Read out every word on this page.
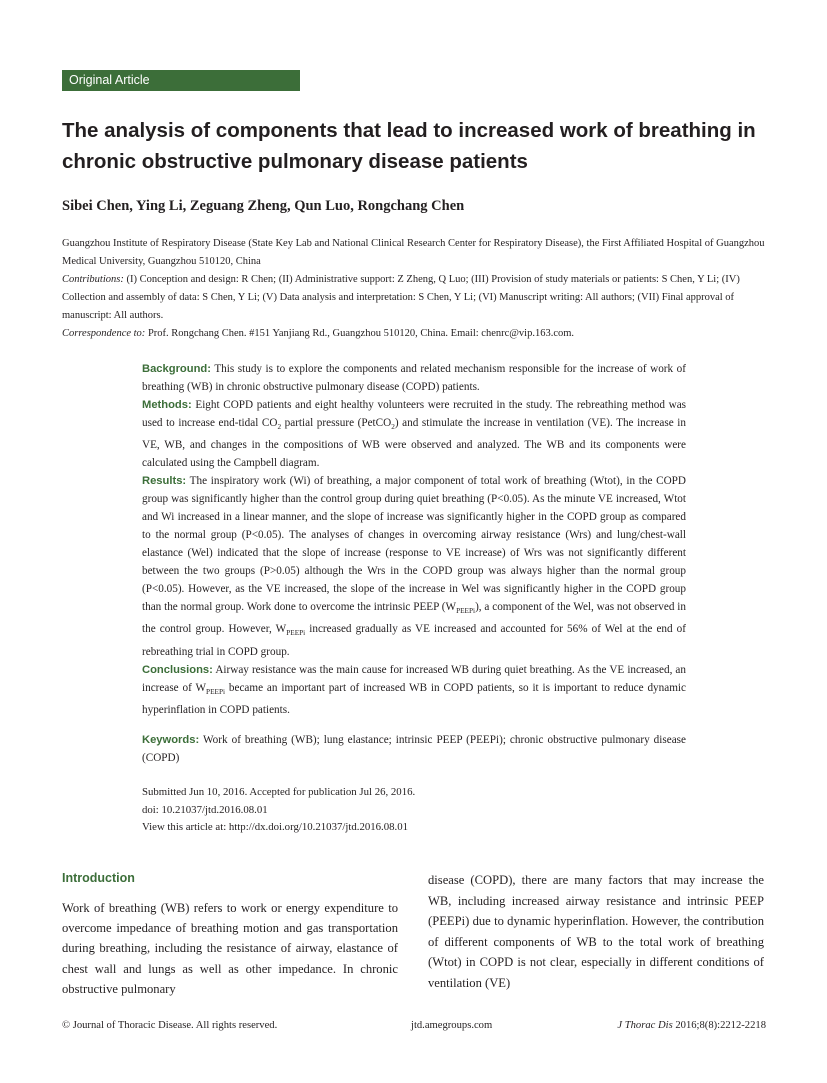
Original Article
The analysis of components that lead to increased work of breathing in chronic obstructive pulmonary disease patients
Sibei Chen, Ying Li, Zeguang Zheng, Qun Luo, Rongchang Chen

Guangzhou Institute of Respiratory Disease (State Key Lab and National Clinical Research Center for Respiratory Disease), the First Affiliated Hospital of Guangzhou Medical University, Guangzhou 510120, China

Contributions: (I) Conception and design: R Chen; (II) Administrative support: Z Zheng, Q Luo; (III) Provision of study materials or patients: S Chen, Y Li; (IV) Collection and assembly of data: S Chen, Y Li; (V) Data analysis and interpretation: S Chen, Y Li; (VI) Manuscript writing: All authors; (VII) Final approval of manuscript: All authors.

Correspondence to: Prof. Rongchang Chen. #151 Yanjiang Rd., Guangzhou 510120, China. Email: chenrc@vip.163.com.

Background: This study is to explore the components and related mechanism responsible for the increase of work of breathing (WB) in chronic obstructive pulmonary disease (COPD) patients.

Methods: Eight COPD patients and eight healthy volunteers were recruited in the study. The rebreathing method was used to increase end-tidal $CO_2$ partial pressure (PetCO$_2$) and stimulate the increase in ventilation (VE). The increase in VE, WB, and changes in the compositions of WB were observed and analyzed. The WB and its components were calculated using the Campbell diagram.

Results: The inspiratory work (Wi) of breathing, a major component of total work of breathing (Wtot), in the COPD group was significantly higher than the control group during quiet breathing (P<0.05). As the minute VE increased, Wtot and Wi increased in a linear manner, and the slope of increase was significantly higher in the COPD group as compared to the normal group (P<0.05). The analyses of changes in overcoming airway resistance (Wrs) and lung/chest-wall elastance (Wel) indicated that the slope of increase (response to VE increase) of Wrs was not significantly different between the two groups (P>0.05) although the Wrs in the COPD group was always higher than the normal group (P<0.05). However, as the VE increased, the slope of the increase in Wel was significantly higher in the COPD group than the normal group. Work done to overcome the intrinsic PEEP $(W_{PEEPi})$, a component of the Wel, was not observed in the control group. However, $W_{PEEPi}$ increased gradually as VE increased and accounted for 56% of Wel at the end of rebreathing trial in COPD group.

Conclusions: Airway resistance was the main cause for increased WB during quiet breathing. As the VE increased, an increase of $W_{PEEPi}$ became an important part of increased WB in COPD patients, so it is important to reduce dynamic hyperinflation in COPD patients.

Keywords: Work of breathing (WB); lung elastance; intrinsic PEEP (PEEPi); chronic obstructive pulmonary disease (COPD)

Submitted Jun 10, 2016. Accepted for publication Jul 26, 2016.

doi: 10.21037/jtd.2016.08.01

View this article at: http://dx.doi.org/10.21037/jtd.2016.08.01

Introduction

Work of breathing (WB) refers to work or energy expenditure to overcome impedance of breathing motion and gas transportation during breathing, including the resistance of airway, elastance of chest wall and lungs as well as other impedance. In chronic obstructive pulmonary

disease (COPD), there are many factors that may increase the WB, including increased airway resistance and intrinsic PEEP (PEEPi) due to dynamic hyperinflation. However, the contribution of different components of WB to the total work of breathing (Wtot) in COPD is not clear, especially in different conditions of ventilation (VE)

© Journal of Thoracic Disease. All rights reserved.	jtd.amegroups.com	J Thorac Dis 2016;8(8):2212-2218
